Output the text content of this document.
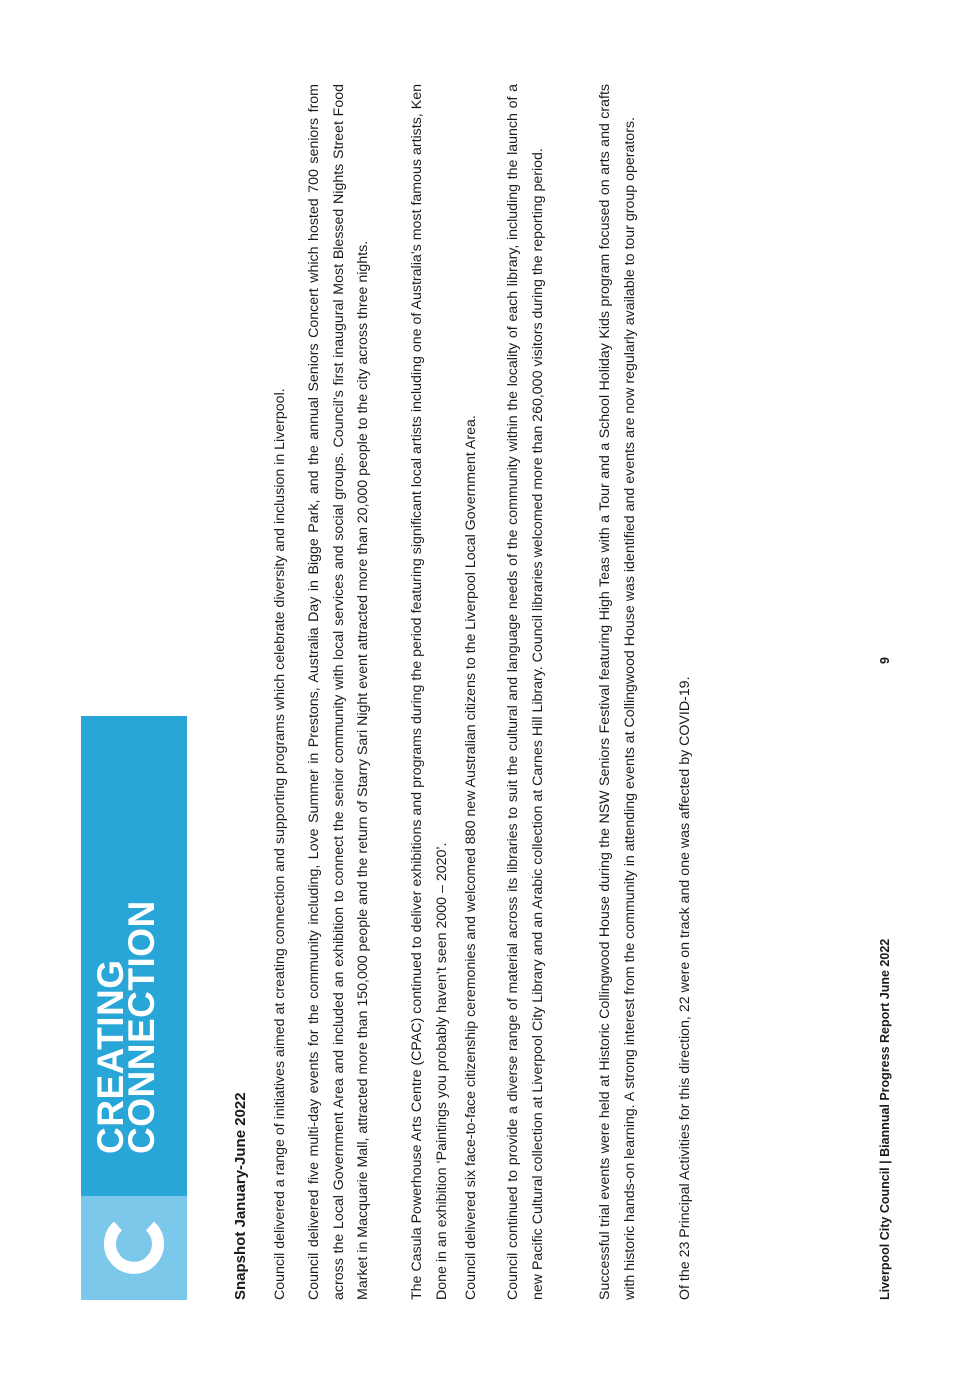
CREATING
CONNECTION
Snapshot January-June 2022 Council delivered a range of initiatives aimed at creating connection and supporting programs which celebrate diversity and inclusion in Liverpool.	Council delivered five multi-day events for the community including, Love Summer in Prestons, Australia Day in Bigge Park, and the annual Seniors Concert which hosted 700 seniors from across the Local Government Area and included an exhibition to connect the senior community with local services and social groups. Council’s first inaugural Most Blessed Nights Street Food Market in Macquarie Mall, attracted more than 150,000 people and the return of Starry Sari Night event attracted more than 20,000 people to the city across three nights.	The Casula Powerhouse Arts Centre (CPAC) continued to deliver exhibitions and programs during the period featuring significant local artists including one of Australia’s most famous artists, Ken Done in an exhibition ‘Paintings you probably haven’t seen 2000 – 2020’. Council delivered six face-to-face citizenship ceremonies and welcomed 880 new Australian citizens to the Liverpool Local Government Area.	Council continued to provide a diverse range of material across its libraries to suit the cultural and language needs of the community within the locality of each library, including the launch of a new Pacific Cultural collection at Liverpool City Library and an Arabic collection at Carnes Hill Library. Council libraries welcomed more than 260,000 visitors during the reporting period.	Successful trial events were held at Historic Collingwood House during the NSW Seniors Festival featuring High Teas with a Tour and a School Holiday Kids program focused on arts and crafts with historic hands-on learning. A strong interest from the community in attending events at Collingwood House was identified and events are now regularly available to tour group operators.	Of the 23 Principal Activities for this direction, 22 were on track and one was affected by COVID-19.	Liverpool City Council | Biannual Progress Report June 2022
9
